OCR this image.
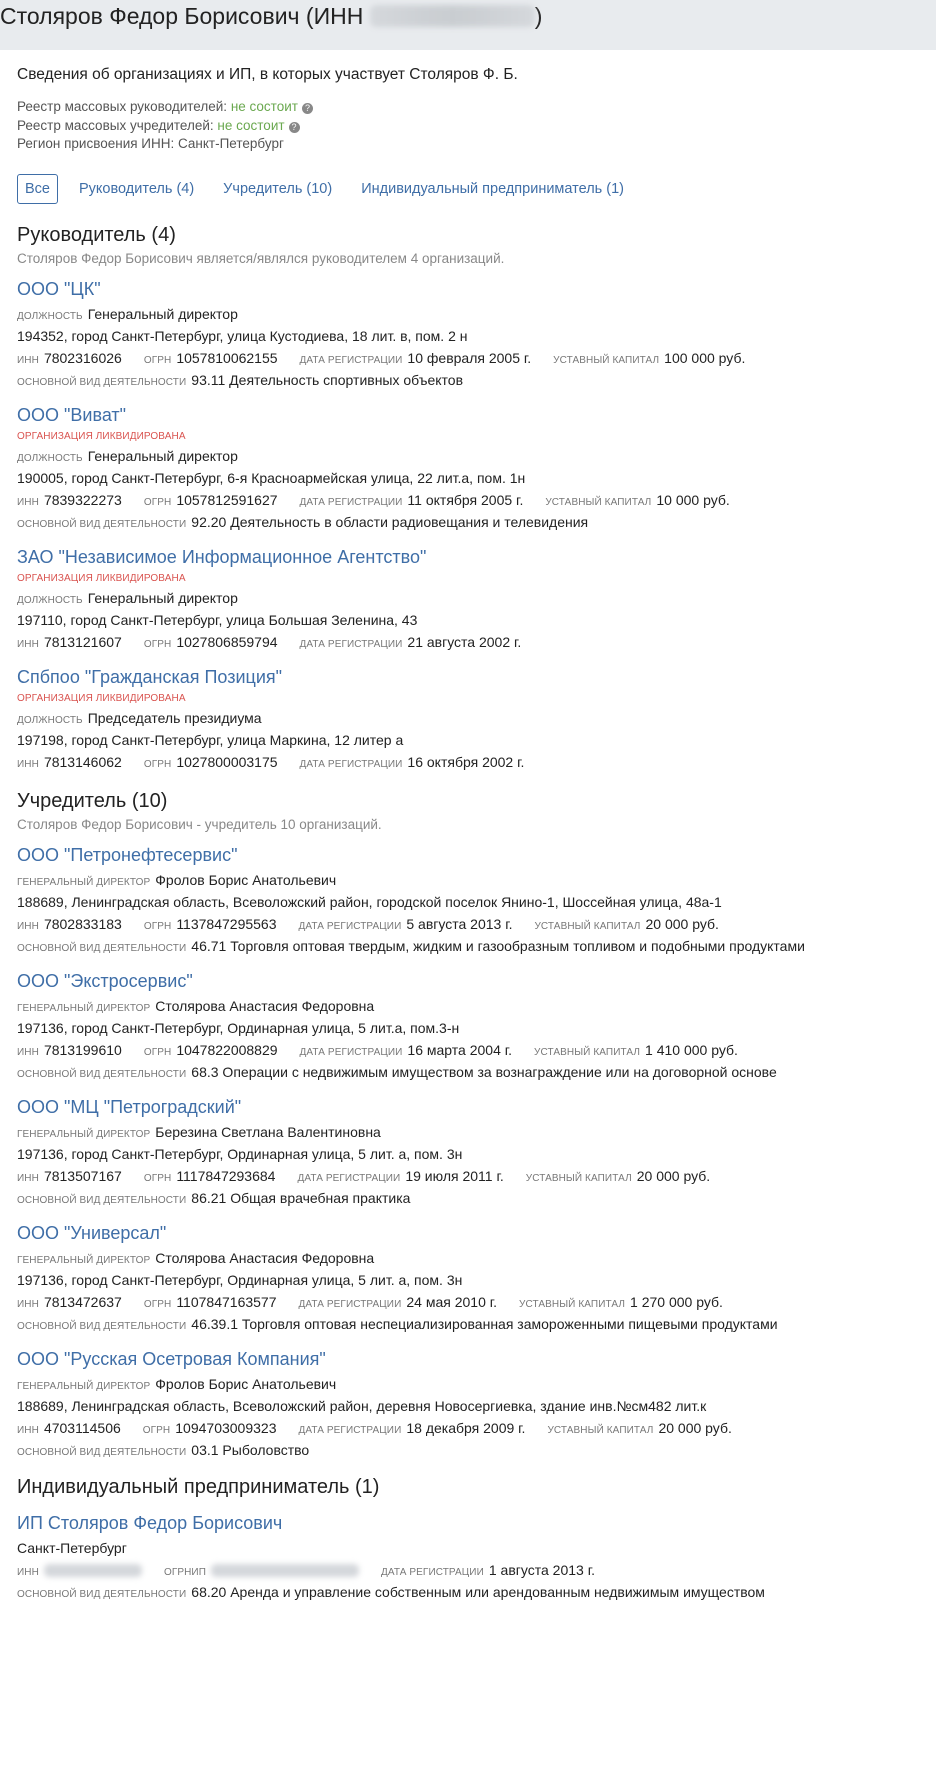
Столяров Федор Борисович (ИНН	)
Сведения об организациях и ИП, в которых участвует Столяров Ф. Б.
Реестр массовых руководителей: не состоит ?
Реестр массовых учредителей: не состоит ?
Регион присвоения ИНН: Санкт-Петербург
Все	Руководитель (4) Учредитель (10) Индивидуальный предприниматель (1)
Руководитель (4)
Столяров Федор Борисович является/являлся руководителем 4 организаций.
ООО "ЦК"
ДОЛЖНОСТЬ Генеральный директор
194352, город Санкт-Петербург, улица Кустодиева, 18 лит. в, пом. 2 н
ИНН 7802316026 ОГРН 1057810062155 ДАТА РЕГИСТРАЦИИ 10 февраля 2005 г. УСТАВНЫЙ КАПИТАЛ 100 000 руб.
ОСНОВНОЙ ВИД ДЕЯТЕЛЬНОСТИ 93.11 Деятельность спортивных объектов
ООО "Виват"
ОРГАНИЗАЦИЯ ЛИКВИДИРОВАНА
ДОЛЖНОСТЬ Генеральный директор
190005, город Санкт-Петербург, 6-я Красноармейская улица, 22 лит.а, пом. 1н
ИНН 7839322273 ОГРН 1057812591627 ДАТА РЕГИСТРАЦИИ 11 октября 2005 г. УСТАВНЫЙ КАПИТАЛ 10 000 руб.
ОСНОВНОЙ ВИД ДЕЯТЕЛЬНОСТИ 92.20 Деятельность в области радиовещания и телевидения
ЗАО "Независимое Информационное Агентство"
ОРГАНИЗАЦИЯ ЛИКВИДИРОВАНА
ДОЛЖНОСТЬ Генеральный директор
197110, город Санкт-Петербург, улица Большая Зеленина, 43
ИНН 7813121607 ОГРН 1027806859794 ДАТА РЕГИСТРАЦИИ 21 августа 2002 г.
Спбпоо "Гражданская Позиция"
ОРГАНИЗАЦИЯ ЛИКВИДИРОВАНА
ДОЛЖНОСТЬ Председатель президиума
197198, город Санкт-Петербург, улица Маркина, 12 литер а
ИНН 7813146062 ОГРН 1027800003175 ДАТА РЕГИСТРАЦИИ 16 октября 2002 г.
Учредитель (10)
Столяров Федор Борисович - учредитель 10 организаций.
ООО "Петронефтесервис"
ГЕНЕРАЛЬНЫЙ ДИРЕКТОР Фролов Борис Анатольевич
188689, Ленинградская область, Всеволожский район, городской поселок Янино-1, Шоссейная улица, 48а-1
ИНН 7802833183 ОГРН 1137847295563 ДАТА РЕГИСТРАЦИИ 5 августа 2013 г. УСТАВНЫЙ КАПИТАЛ 20 000 руб.
ОСНОВНОЙ ВИД ДЕЯТЕЛЬНОСТИ 46.71 Торговля оптовая твердым, жидким и газообразным топливом и подобными продуктами
ООО "Экстросервис"
ГЕНЕРАЛЬНЫЙ ДИРЕКТОР Столярова Анастасия Федоровна
197136, город Санкт-Петербург, Ординарная улица, 5 лит.а, пом.3-н
ИНН 7813199610 ОГРН 1047822008829 ДАТА РЕГИСТРАЦИИ 16 марта 2004 г. УСТАВНЫЙ КАПИТАЛ 1 410 000 руб.
ОСНОВНОЙ ВИД ДЕЯТЕЛЬНОСТИ 68.3 Операции с недвижимым имуществом за вознаграждение или на договорной основе
ООО "МЦ "Петроградский"
ГЕНЕРАЛЬНЫЙ ДИРЕКТОР Березина Светлана Валентиновна
197136, город Санкт-Петербург, Ординарная улица, 5 лит. а, пом. 3н
ИНН 7813507167 ОГРН 1117847293684 ДАТА РЕГИСТРАЦИИ 19 июля 2011 г. УСТАВНЫЙ КАПИТАЛ 20 000 руб.
ОСНОВНОЙ ВИД ДЕЯТЕЛЬНОСТИ 86.21 Общая врачебная практика
ООО "Универсал"
ГЕНЕРАЛЬНЫЙ ДИРЕКТОР Столярова Анастасия Федоровна
197136, город Санкт-Петербург, Ординарная улица, 5 лит. а, пом. 3н
ИНН 7813472637 ОГРН 1107847163577 ДАТА РЕГИСТРАЦИИ 24 мая 2010 г. УСТАВНЫЙ КАПИТАЛ 1 270 000 руб.
ОСНОВНОЙ ВИД ДЕЯТЕЛЬНОСТИ 46.39.1 Торговля оптовая неспециализированная замороженными пищевыми продуктами
ООО "Русская Осетровая Компания"
ГЕНЕРАЛЬНЫЙ ДИРЕКТОР Фролов Борис Анатольевич
188689, Ленинградская область, Всеволожский район, деревня Новосергиевка, здание инв.№см482 лит.к
ИНН 4703114506 ОГРН 1094703009323 ДАТА РЕГИСТРАЦИИ 18 декабря 2009 г. УСТАВНЫЙ КАПИТАЛ 20 000 руб.
ОСНОВНОЙ ВИД ДЕЯТЕЛЬНОСТИ 03.1 Рыболовство
Индивидуальный предприниматель (1)
ИП Столяров Федор Борисович
Санкт-Петербург
ИНН	ОГРНИП	ДАТА РЕГИСТРАЦИИ 1 августа 2013 г.
ОСНОВНОЙ ВИД ДЕЯТЕЛЬНОСТИ 68.20 Аренда и управление собственным или арендованным недвижимым имуществом
